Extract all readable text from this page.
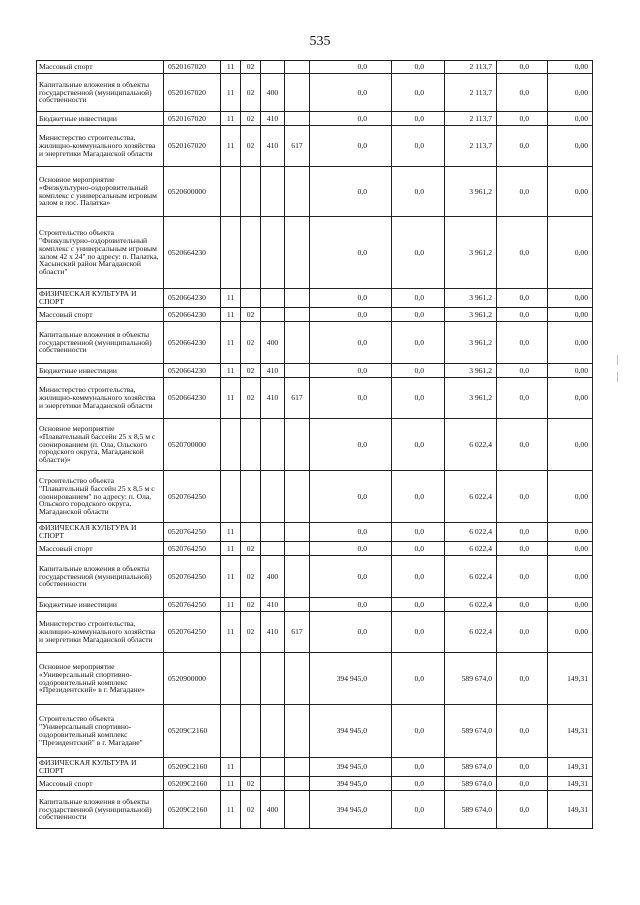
535
Массовый спорт	0520167020	11	02			0,0	0,0	2 113,7	0,0	0,00
Капитальные вложения в объекты государственной (муниципальной) собственности	0520167020	11	02	400		0,0	0,0	2 113,7	0,0	0,00
Бюджетные инвестиции	0520167020	11	02	410		0,0	0,0	2 113,7	0,0	0,00
Министерство строительства, жилищно-коммунального хозяйства и энергетики Магаданской области	0520167020	11	02	410	617	0,0	0,0	2 113,7	0,0	0,00
Основное мероприятие «Физкультурно-оздоровительный комплекс с универсальным игровым залом в пос. Палатка»	0520600000					0,0	0,0	3 961,2	0,0	0,00
Строительство объекта "Физкультурно-оздоровительный комплекс с универсальным игровым залом 42 х 24" по адресу: п. Палатка, Хасынский район Магаданской области"	0520664230					0,0	0,0	3 961,2	0,0	0,00
ФИЗИЧЕСКАЯ КУЛЬТУРА И СПОРТ	0520664230	11				0,0	0,0	3 961,2	0,0	0,00
Массовый спорт	0520664230	11	02			0,0	0,0	3 961,2	0,0	0,00
Капитальные вложения в объекты государственной (муниципальной) собственности	0520664230	11	02	400		0,0	0,0	3 961,2	0,0	0,00
Бюджетные инвестиции	0520664230	11	02	410		0,0	0,0	3 961,2	0,0	0,00
Министерство строительства, жилищно-коммунального хозяйства и энергетики Магаданской области	0520664230	11	02	410	617	0,0	0,0	3 961,2	0,0	0,00
Основное мероприятие «Плавательный бассейн 25 х 8,5 м с озонированием (п. Ола, Ольского городского округа, Магаданской области)»	0520700000					0,0	0,0	6 022,4	0,0	0,00
Строительство объекта "Плавательный бассейн 25 х 8,5 м с озонированием" по адресу: п. Ола, Ольского городского округа, Магаданской области	0520764250					0,0	0,0	6 022,4	0,0	0,00
ФИЗИЧЕСКАЯ КУЛЬТУРА И СПОРТ	0520764250	11				0,0	0,0	6 022,4	0,0	0,00
Массовый спорт	0520764250	11	02			0,0	0,0	6 022,4	0,0	0,00
Капитальные вложения в объекты государственной (муниципальной) собственности	0520764250	11	02	400		0,0	0,0	6 022,4	0,0	0,00
Бюджетные инвестиции	0520764250	11	02	410		0,0	0,0	6 022,4	0,0	0,00
Министерство строительства, жилищно-коммунального хозяйства и энергетики Магаданской области	0520764250	11	02	410	617	0,0	0,0	6 022,4	0,0	0,00
Основное мероприятие «Универсальный спортивно-оздоровительный комплекс «Президентский» в г. Магадане»	0520900000					394 945,0	0,0	589 674,0	0,0	149,31
Строительство объекта "Универсальный спортивно-оздоровительный комплекс "Президентский" в г. Магадане"	05209С2160					394 945,0	0,0	589 674,0	0,0	149,31
ФИЗИЧЕСКАЯ КУЛЬТУРА И СПОРТ	05209С2160	11				394 945,0	0,0	589 674,0	0,0	149,31
Массовый спорт	05209С2160	11	02			394 945,0	0,0	589 674,0	0,0	149,31
Капитальные вложения в объекты государственной (муниципальной) собственности	05209С2160	11	02	400		394 945,0	0,0	589 674,0	0,0	149,31
